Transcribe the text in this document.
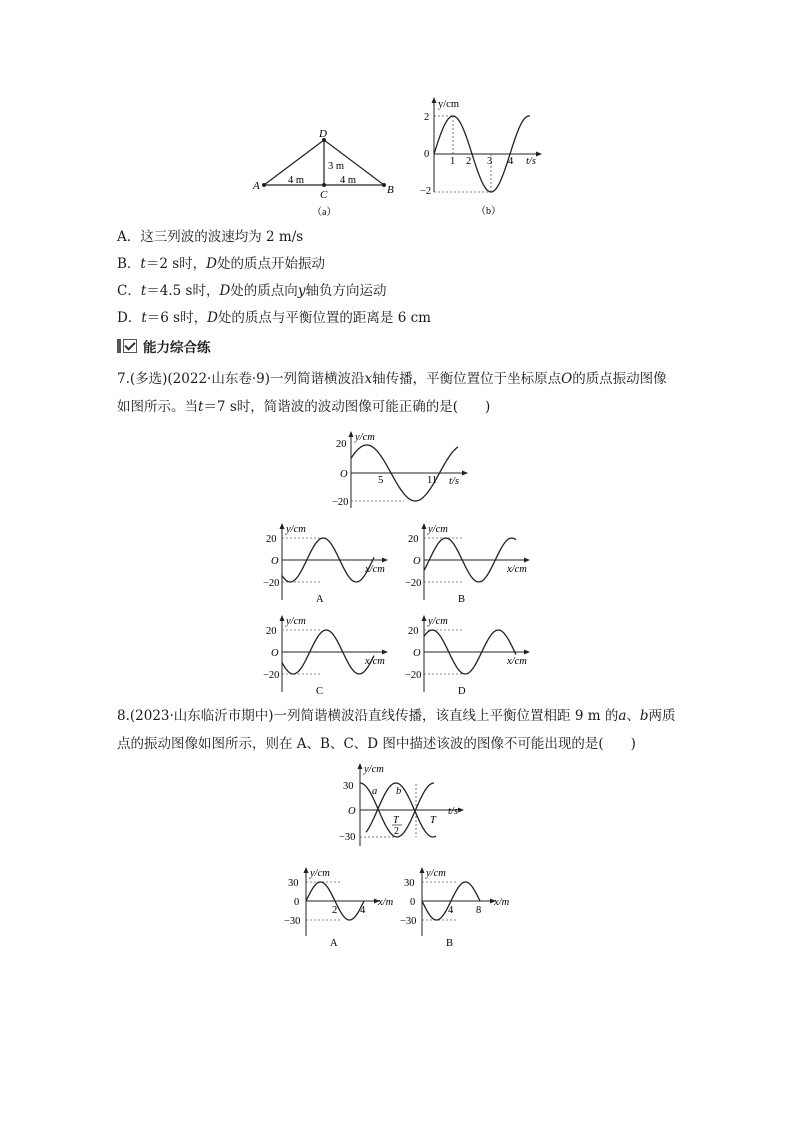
A	B
C
D
4 m	4 m
3 m
（a）
y/cm
t/s
2
−2
0
1 2 3 4
（b）
A．这三列波的波速均为 2 m/s
B．t＝2 s时，D处的质点开始振动
C．t＝4.5 s时，D处的质点向y轴负方向运动
D．t＝6 s时，D处的质点与平衡位置的距离是 6 cm
能力综合练
7.(多选)(2022·山东卷·9)一列简谐横波沿x轴传播，平衡位置位于坐标原点O的质点振动图像
如图所示。当t＝7 s时，简谐波的波动图像可能正确的是(　　)
y/cm
t/s
20
−20
O
5	11
y/cm
x/cm
20
−20
O
A
y/cm
x/cm
20
−20
O
B
y/cm
x/cm
20
−20
O
C
y/cm
x/cm
20
−20
O
D
8.(2023·山东临沂市期中)一列简谐横波沿直线传播，该直线上平衡位置相距 9 m 的a、b两质
点的振动图像如图所示，则在 A、B、C、D 图中描述该波的图像不可能出现的是(　　)
y/cm
t/s
30
−30
O
a b
T
2
T
y/cm
x/m
30
−30
0
2 4
A
y/cm
x/m
30
−30
0
4 8
B
